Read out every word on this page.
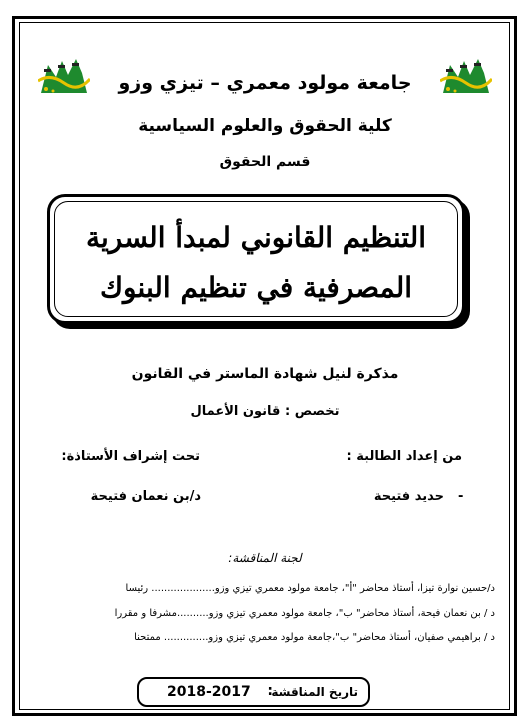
جامعة مولود معمري – تيزي وزو
كلية الحقوق والعلوم السياسية
قسم الحقوق
التنظيم القانوني لمبدأ السرية
المصرفية في تنظيم البنوك
مذكرة لنيل شهادة الماستر في القانون
تخصص : قانون الأعمال
من إعداد الطالبة :
تحت إشراف الأستاذة:
-
حديد فتيحة
د/بن نعمان فتيحة
لجنة المناقشة:
د/حسين نوارة تيزا، أستاذ محاضر "أ"، جامعة مولود معمري تيزي وزو.................... رئيسا
د / بن نعمان فيحة، أستاذ محاضر" ب"، جامعة مولود معمري تيزي وزو..........مشرفا و مقررا
د / براهيمي صفيان، أستاذ محاضر" ب"،جامعة مولود معمري تيزي وزو.............. ممتحنا
تاريخ المناقشة
:
2018-2017
